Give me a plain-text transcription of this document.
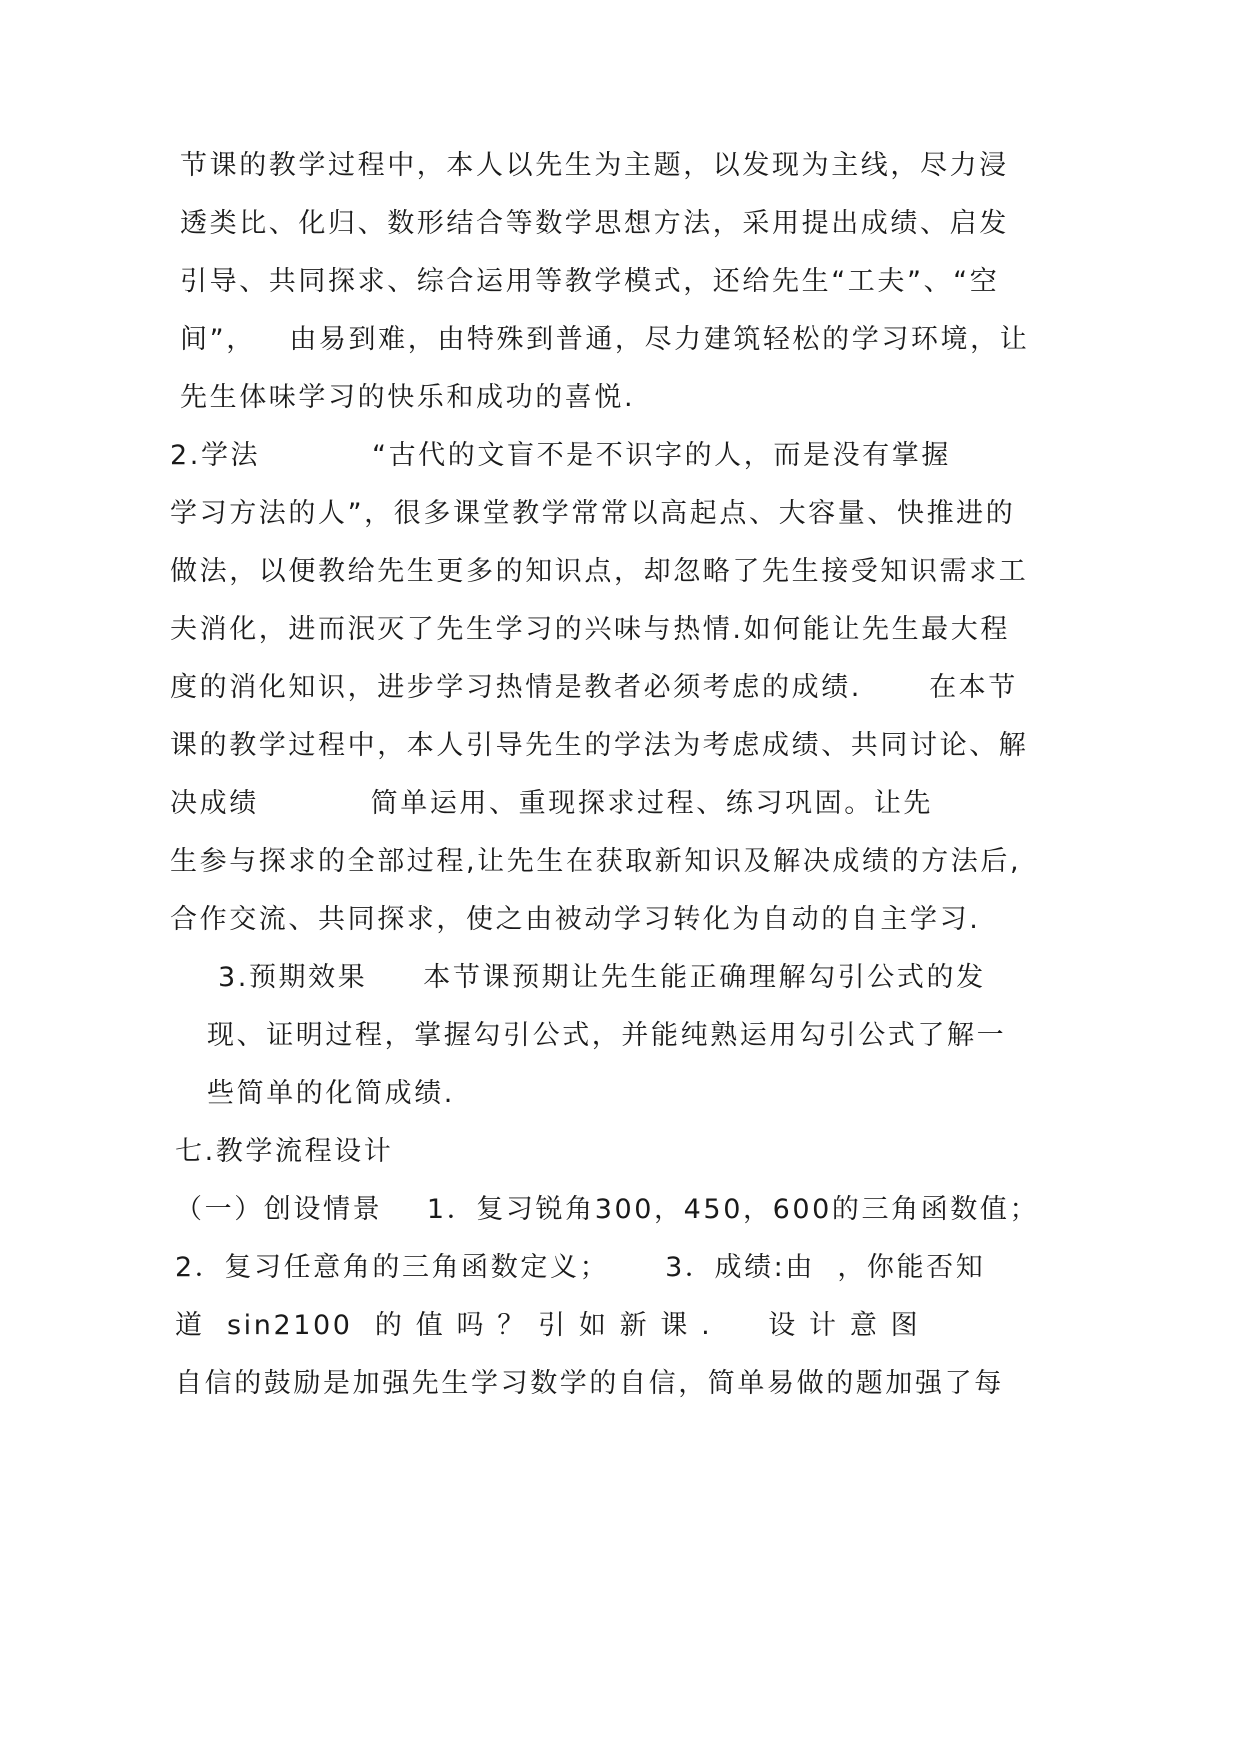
节课的教学过程中，本人以先生为主题，以发现为主线，尽力浸
透类比、化归、数形结合等数学思想方法，采用提出成绩、启发
引导、共同探求、综合运用等教学模式，还给先生“工夫”、“空
间”，   由易到难，由特殊到普通，尽力建筑轻松的学习环境，让
先生体味学习的快乐和成功的喜悦.
2.学法          “古代的文盲不是不识字的人，而是没有掌握
学习方法的人”，很多课堂教学常常以高起点、大容量、快推进的
做法，以便教给先生更多的知识点，却忽略了先生接受知识需求工
夫消化，进而泯灭了先生学习的兴味与热情.如何能让先生最大程
度的消化知识，进步学习热情是教者必须考虑的成绩.      在本节
课的教学过程中，本人引导先生的学法为考虑成绩、共同讨论、解
决成绩          简单运用、重现探求过程、练习巩固。让先
生参与探求的全部过程,让先生在获取新知识及解决成绩的方法后,
合作交流、共同探求，使之由被动学习转化为自动的自主学习.
3.预期效果     本节课预期让先生能正确理解勾引公式的发
现、证明过程，掌握勾引公式，并能纯熟运用勾引公式了解一
些简单的化简成绩.
七.教学流程设计
（一）创设情景    1．复习锐角300，450，600的三角函数值；
2．复习任意角的三角函数定义；     3．成绩:由  ，你能否知
道  sin2100  的 值 吗 ？ 引 如 新 课 .     设 计 意 图
自信的鼓励是加强先生学习数学的自信，简单易做的题加强了每
